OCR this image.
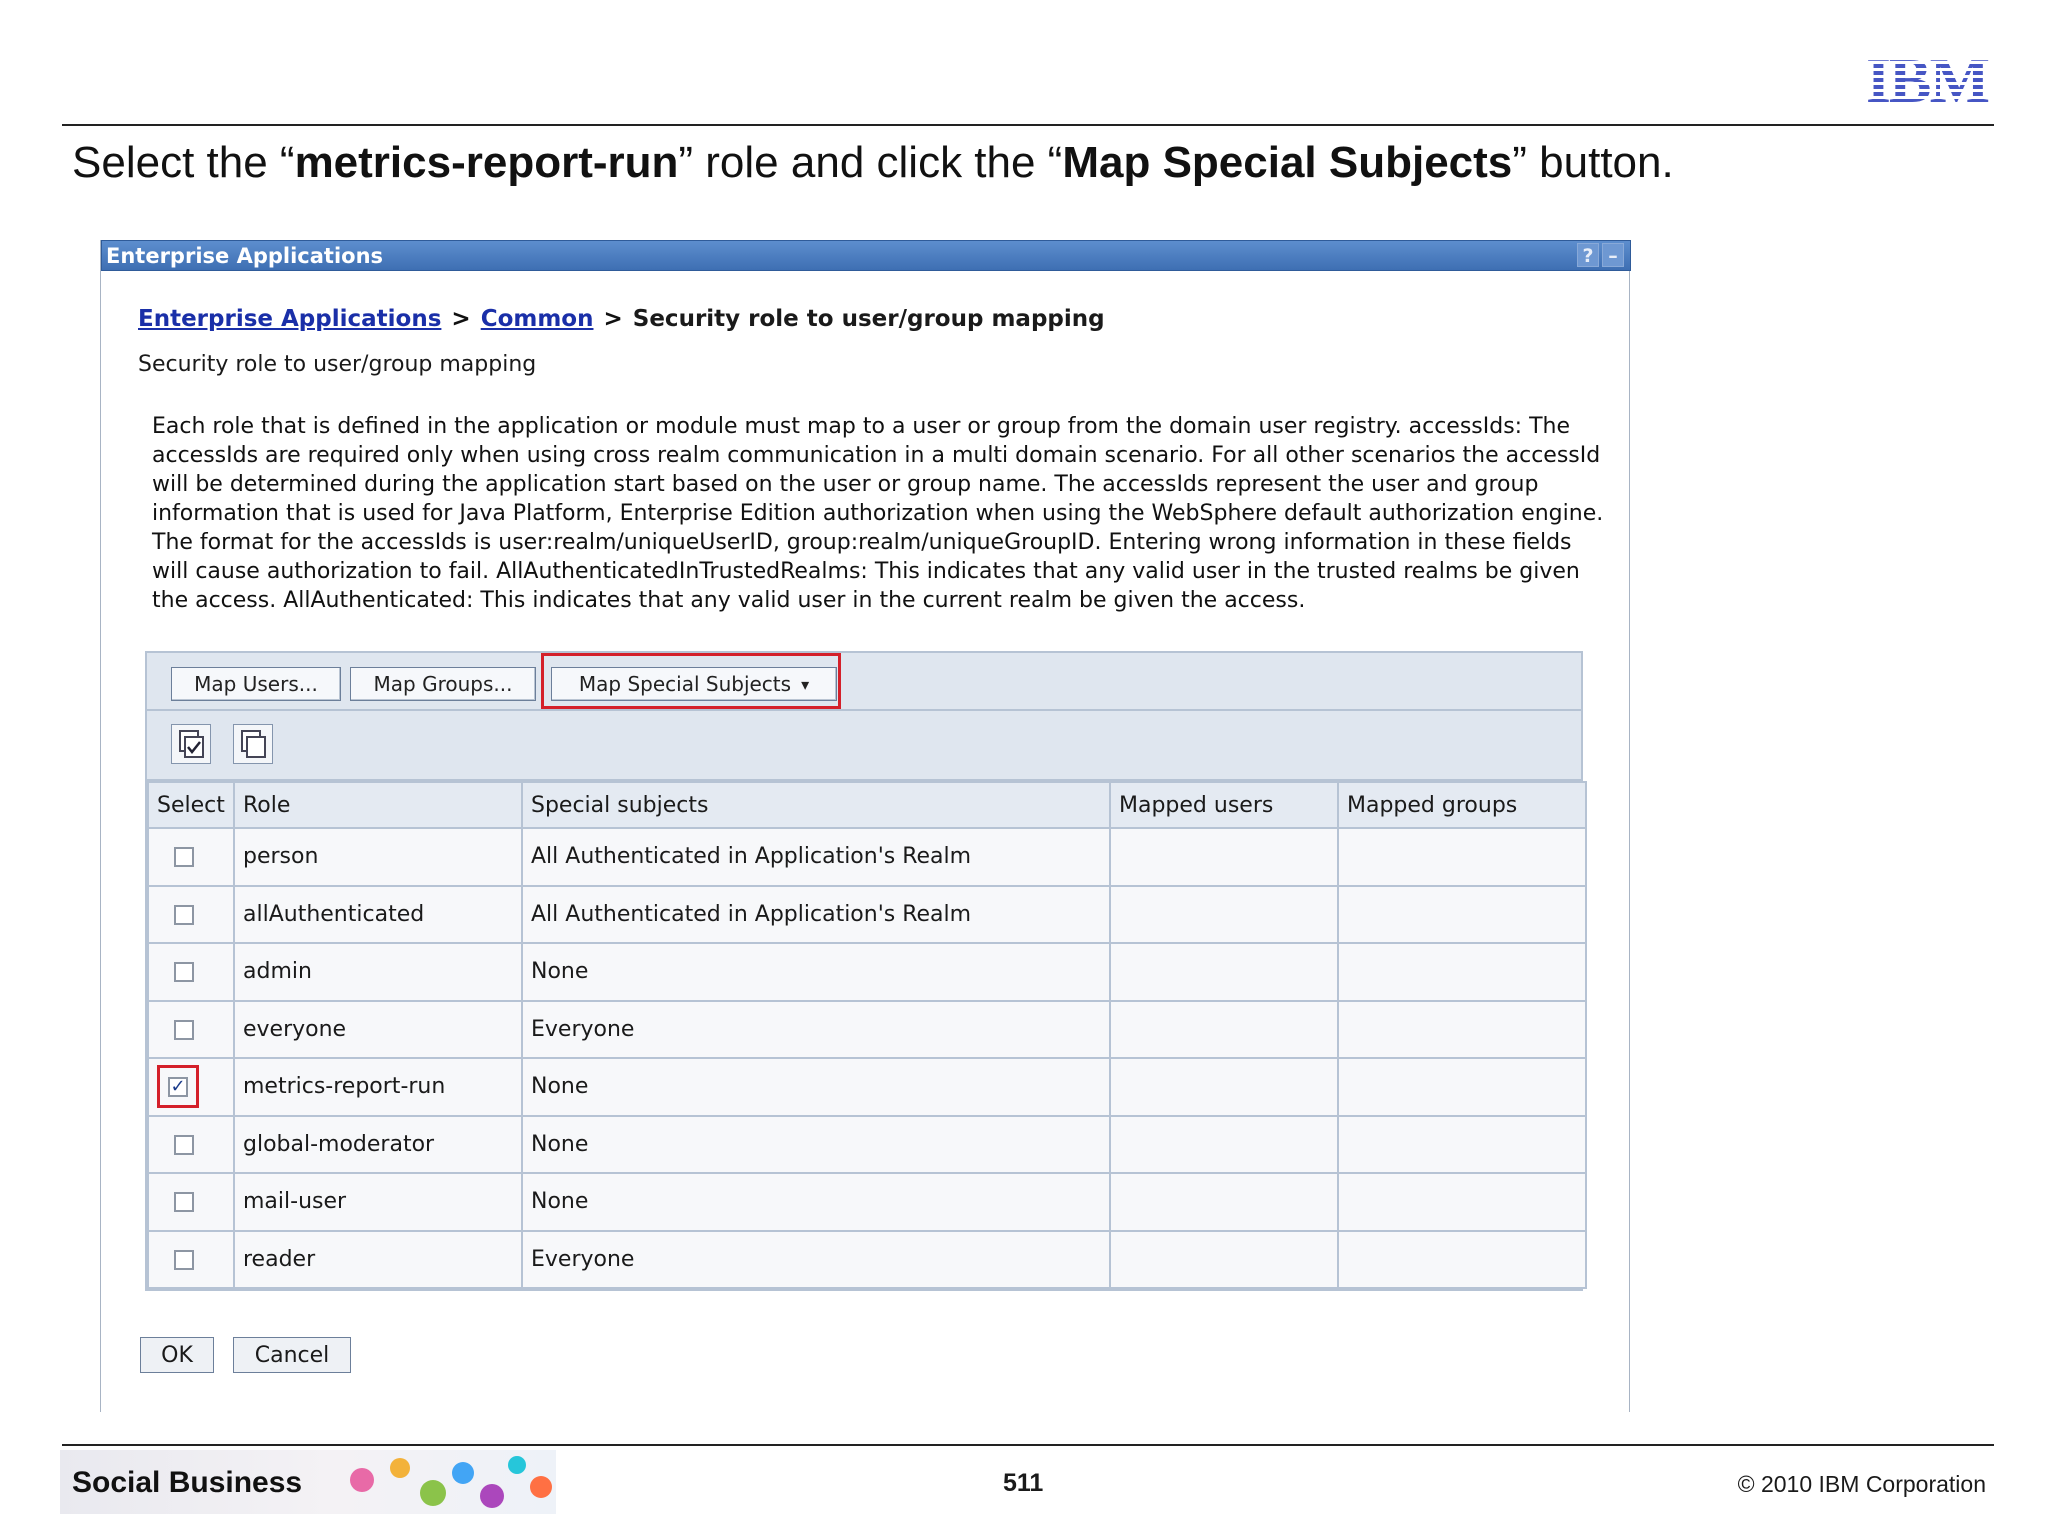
IBM
Select the “metrics-report-run” role and click the “Map Special Subjects” button.
Enterprise Applications	? –
Enterprise Applications > Common > Security role to user/group mapping
Security role to user/group mapping
Each role that is defined in the application or module must map to a user or group from the domain user registry. accessIds: The accessIds are required only when using cross realm communication in a multi domain scenario. For all other scenarios the accessId will be determined during the application start based on the user or group name. The accessIds represent the user and group information that is used for Java Platform, Enterprise Edition authorization when using the WebSphere default authorization engine. The format for the accessIds is user:realm/uniqueUserID, group:realm/uniqueGroupID. Entering wrong information in these fields will cause authorization to fail. AllAuthenticatedInTrustedRealms: This indicates that any valid user in the trusted realms be given the access. AllAuthenticated: This indicates that any valid user in the current realm be given the access.
Map Users...	Map Groups...	Map Special Subjects ▾
Select	Role	Special subjects	Mapped users	Mapped groups
	person	All Authenticated in Application's Realm		
	allAuthenticated	All Authenticated in Application's Realm		
	admin	None		
	everyone	Everyone		
✓	metrics-report-run	None		
	global-moderator	None		
	mail-user	None		
	reader	Everyone		
OK	Cancel
Social Business	511	© 2010 IBM Corporation
